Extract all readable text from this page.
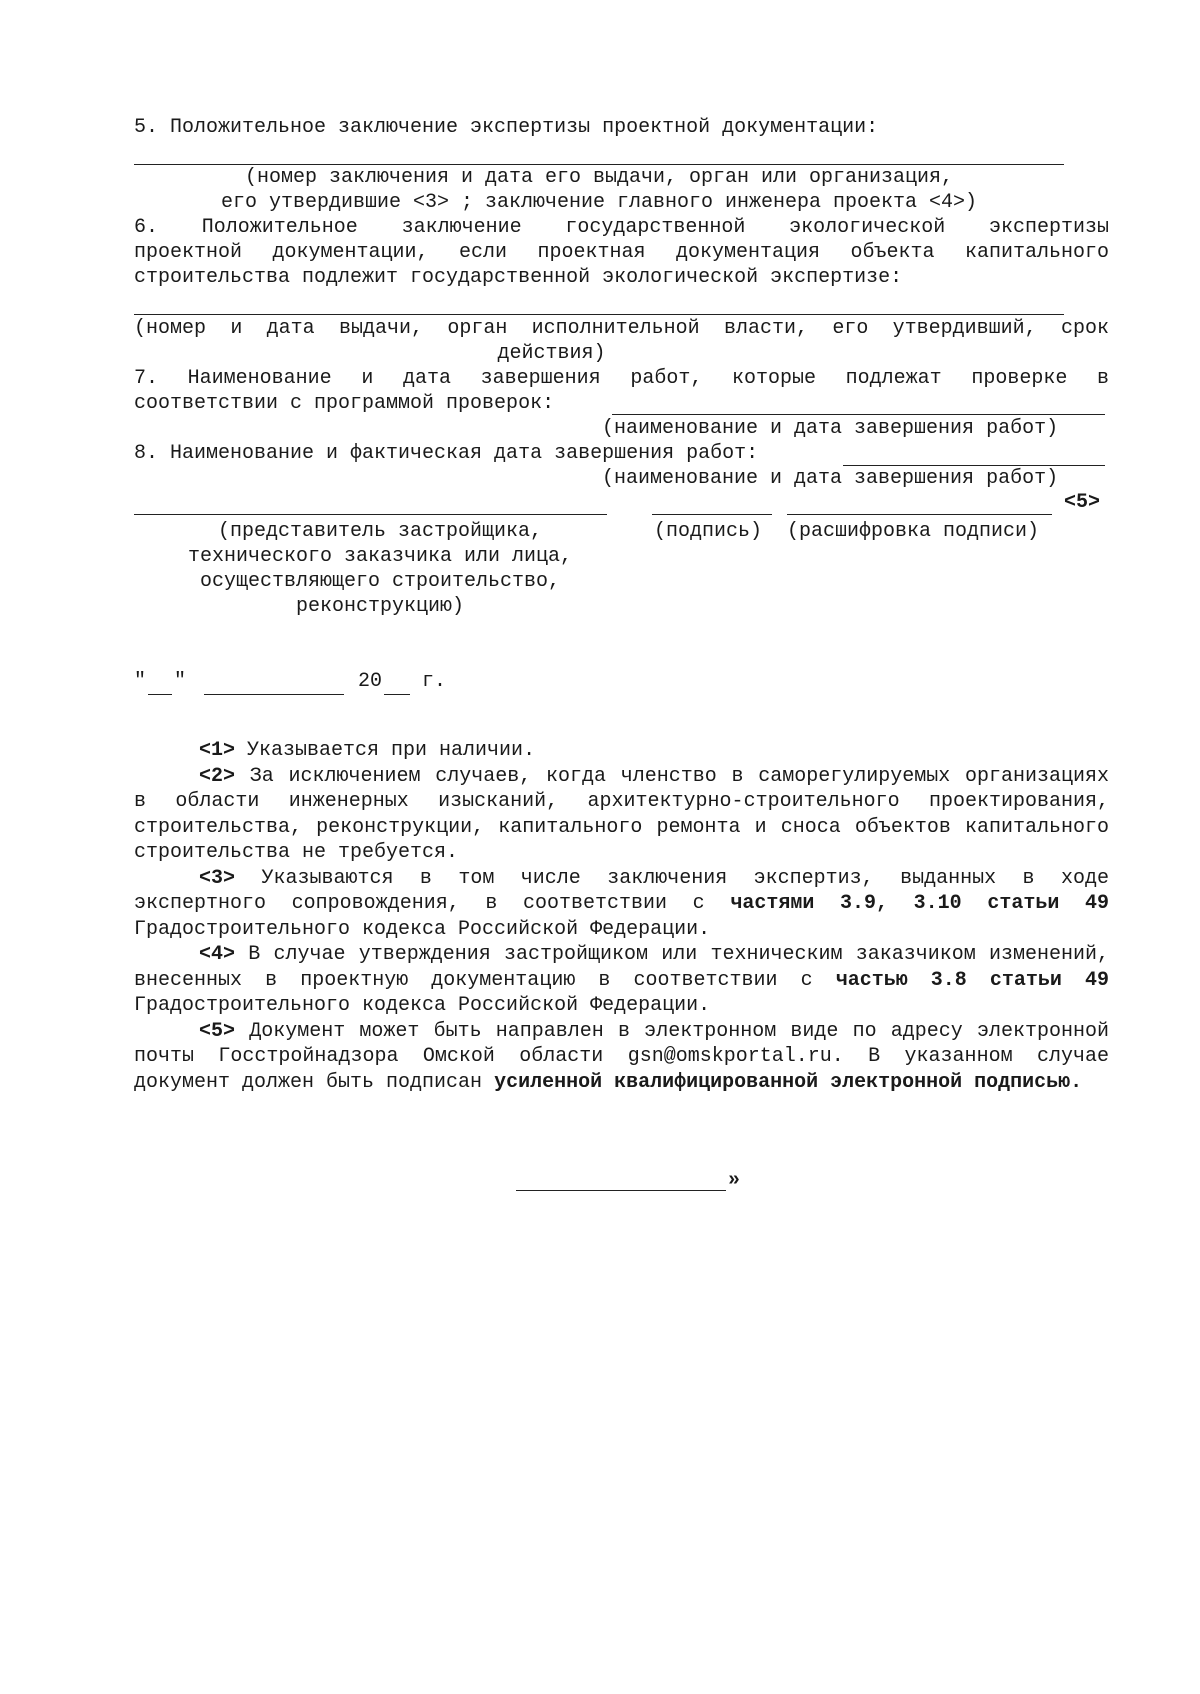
5. Положительное заключение экспертизы проектной документации:
(номер заключения и дата его выдачи, орган или организация,
его утвердившие <3> ; заключение главного инженера проекта <4>)
6. Положительное заключение государственной экологической экспертизы
проектной документации, если проектная документация объекта капитального
строительства подлежит государственной экологической экспертизе:
(номер и дата выдачи, орган исполнительной власти, его утвердивший, срок
действия)
7. Наименование и дата завершения работ, которые подлежат проверке в
соответствии с программой проверок:
(наименование и дата завершения работ)
8. Наименование и фактическая дата завершения работ:
(наименование и дата завершения работ)
<5>
(представитель застройщика, технического заказчика или лица, осуществляющего строительство, реконструкцию)
(подпись) (расшифровка подписи)
" "	20 г.

<1> Указывается при наличии.

<2> За исключением случаев, когда членство в саморегулируемых организациях в области инженерных изысканий, архитектурно-строительного проектирования, строительства, реконструкции, капитального ремонта и сноса объектов капитального строительства не требуется.

<3> Указываются в том числе заключения экспертиз, выданных в ходе экспертного сопровождения, в соответствии с частями 3.9, 3.10 статьи 49 Градостроительного кодекса Российской Федерации.

<4> В случае утверждения застройщиком или техническим заказчиком изменений, внесенных в проектную документацию в соответствии с частью 3.8 статьи 49 Градостроительного кодекса Российской Федерации.

<5> Документ может быть направлен в электронном виде по адресу электронной почты Госстройнадзора Омской области gsn@omskportal.ru. В указанном случае документ должен быть подписан усиленной квалифицированной электронной подписью.

»
